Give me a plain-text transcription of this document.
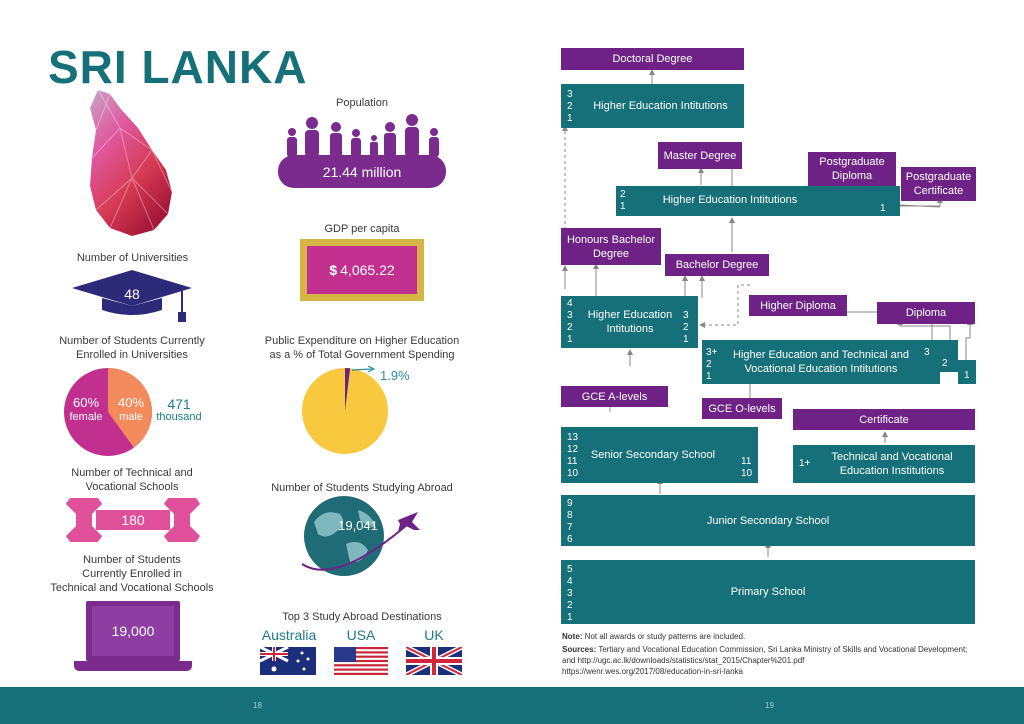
SRI LANKA
Population
21.44 million
GDP per capita
$ 4,065.22
Number of Universities
48
Public Expenditure on Higher Education
as a % of Total Government Spending
1.9%
Number of Students Currently
Enrolled in Universities
60%
female
40%
male
471
thousand
Number of Technical and
Vocational Schools
180
Number of Students Studying Abroad
19,041
Number of Students
Currently Enrolled in
Technical and Vocational Schools
19,000
Top 3 Study Abroad Destinations
Australia	USA	UK
Doctoral Degree
Master Degree
Postgraduate Diploma	Postgraduate Certificate
Honours Bachelor Degree
Bachelor Degree
Higher Diploma
Diploma
GCE A-levels
GCE O-levels
Certificate
3
2
1
Higher Education Intitutions
2
1
Higher Education Intitutions
1
4
3
2
1
Higher Education Intitutions
3
2
1
3+
2
1
Higher Education and Technical and Vocational Education Intitutions
3
2
1
13
12
11
10
Senior Secondary School
11
10
1+
Technical and Vocational Education Institutions
9
8
7
6
Junior Secondary School
5
4
3
2
1
Primary School
Note: Not all awards or study patterns are included.
Sources: Tertiary and Vocational Education Commission, Sri Lanka Ministry of Skills and Vocational Development; and http://ugc.ac.lk/downloads/statistics/stat_2015/Chapter%201.pdf
https://wenr.wes.org/2017/08/education-in-sri-lanka
18	19
